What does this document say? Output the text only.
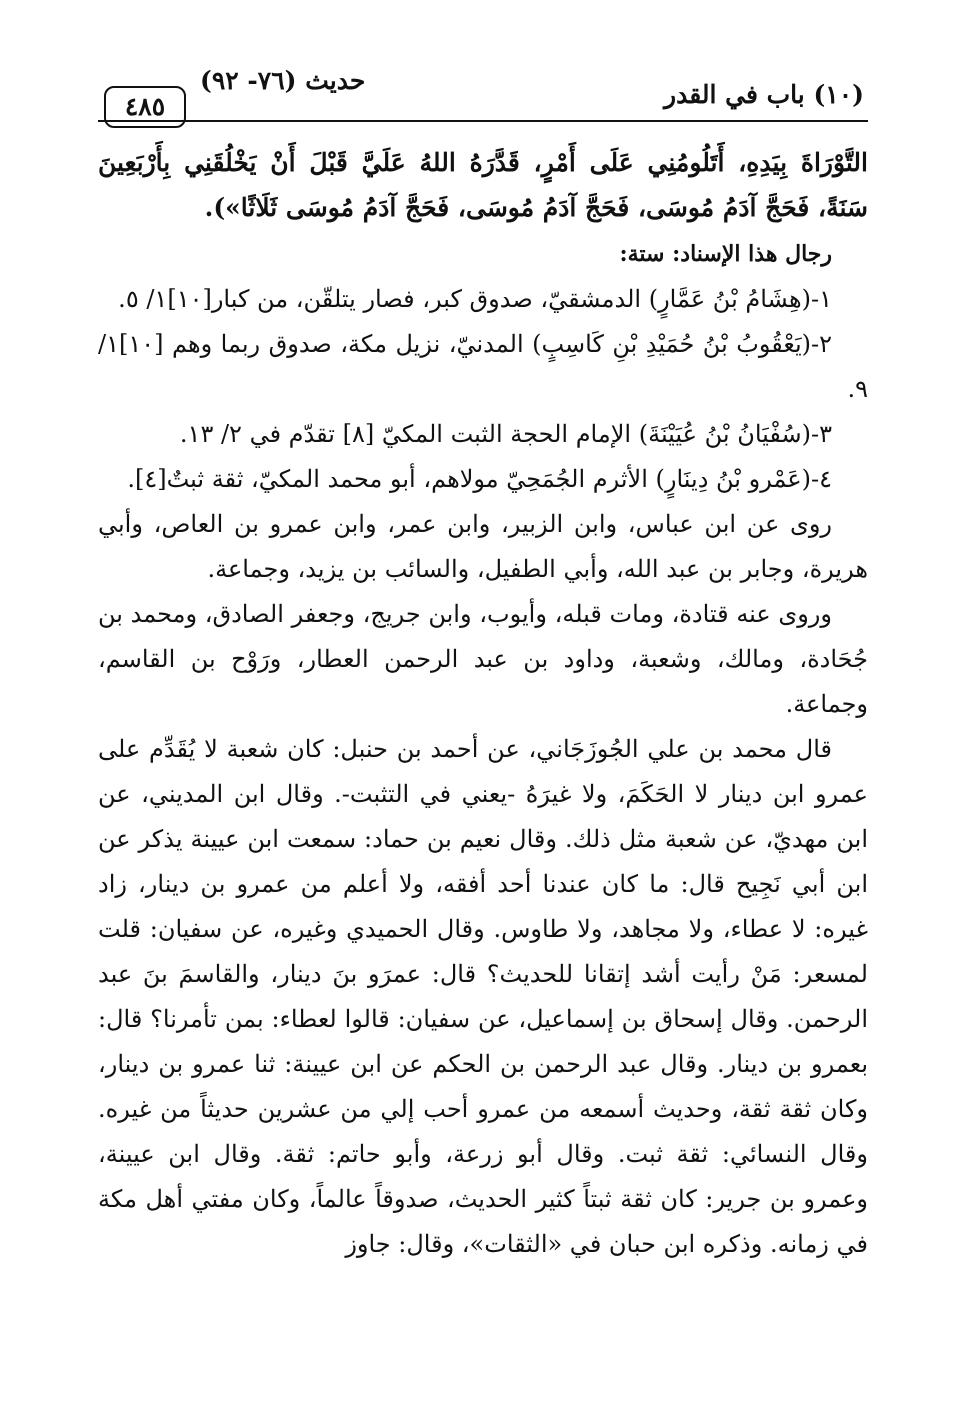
(١٠) باب في القدر
حديث (٧٦- ٩٢)
٤٨٥

التَّوْرَاةَ بِيَدِهِ، أَتَلُومُنِي عَلَى أَمْرٍ، قَدَّرَهُ اللهُ عَلَيَّ قَبْلَ أَنْ يَخْلُقَنِي بِأَرْبَعِينَ سَنَةً، فَحَجَّ آدَمُ مُوسَى، فَحَجَّ آدَمُ مُوسَى، فَحَجَّ آدَمُ مُوسَى ثَلَاثًا»).

رجال هذا الإسناد: ستة:

١-(هِشَامُ بْنُ عَمَّارٍ) الدمشقيّ، صدوق كبر، فصار يتلقّن، من كبار[١٠]١/ ٥.

٢-(يَعْقُوبُ بْنُ حُمَيْدِ بْنِ كَاسِبٍ) المدنيّ، نزيل مكة، صدوق ربما وهم [١٠]١/ ٩.

٣-(سُفْيَانُ بْنُ عُيَيْنَةَ) الإمام الحجة الثبت المكيّ [٨] تقدّم في ٢/ ١٣.

٤-(عَمْرو بْنُ دِينَارٍ) الأثرم الجُمَحِيّ مولاهم، أبو محمد المكيّ، ثقة ثبتٌ[٤].

روى عن ابن عباس، وابن الزبير، وابن عمر، وابن عمرو بن العاص، وأبي هريرة، وجابر بن عبد الله، وأبي الطفيل، والسائب بن يزيد، وجماعة.

وروى عنه قتادة، ومات قبله، وأيوب، وابن جريج، وجعفر الصادق، ومحمد بن جُحَادة، ومالك، وشعبة، وداود بن عبد الرحمن العطار، ورَوْح بن القاسم، وجماعة.

قال محمد بن علي الجُوزَجَاني، عن أحمد بن حنبل: كان شعبة لا يُقَدِّم على عمرو ابن دينار لا الحَكَمَ، ولا غيرَهُ -يعني في التثبت-. وقال ابن المديني، عن ابن مهديّ، عن شعبة مثل ذلك. وقال نعيم بن حماد: سمعت ابن عيينة يذكر عن ابن أبي نَجِيح قال: ما كان عندنا أحد أفقه، ولا أعلم من عمرو بن دينار، زاد غيره: لا عطاء، ولا مجاهد، ولا طاوس. وقال الحميدي وغيره، عن سفيان: قلت لمسعر: مَنْ رأيت أشد إتقانا للحديث؟ قال: عمرَو بنَ دينار، والقاسمَ بنَ عبد الرحمن. وقال إسحاق بن إسماعيل، عن سفيان: قالوا لعطاء: بمن تأمرنا؟ قال: بعمرو بن دينار. وقال عبد الرحمن بن الحكم عن ابن عيينة: ثنا عمرو بن دينار، وكان ثقة ثقة، وحديث أسمعه من عمرو أحب إلي من عشرين حديثاً من غيره. وقال النسائي: ثقة ثبت. وقال أبو زرعة، وأبو حاتم: ثقة. وقال ابن عيينة، وعمرو بن جرير: كان ثقة ثبتاً كثير الحديث، صدوقاً عالماً، وكان مفتي أهل مكة في زمانه. وذكره ابن حبان في «الثقات»، وقال: جاوز
